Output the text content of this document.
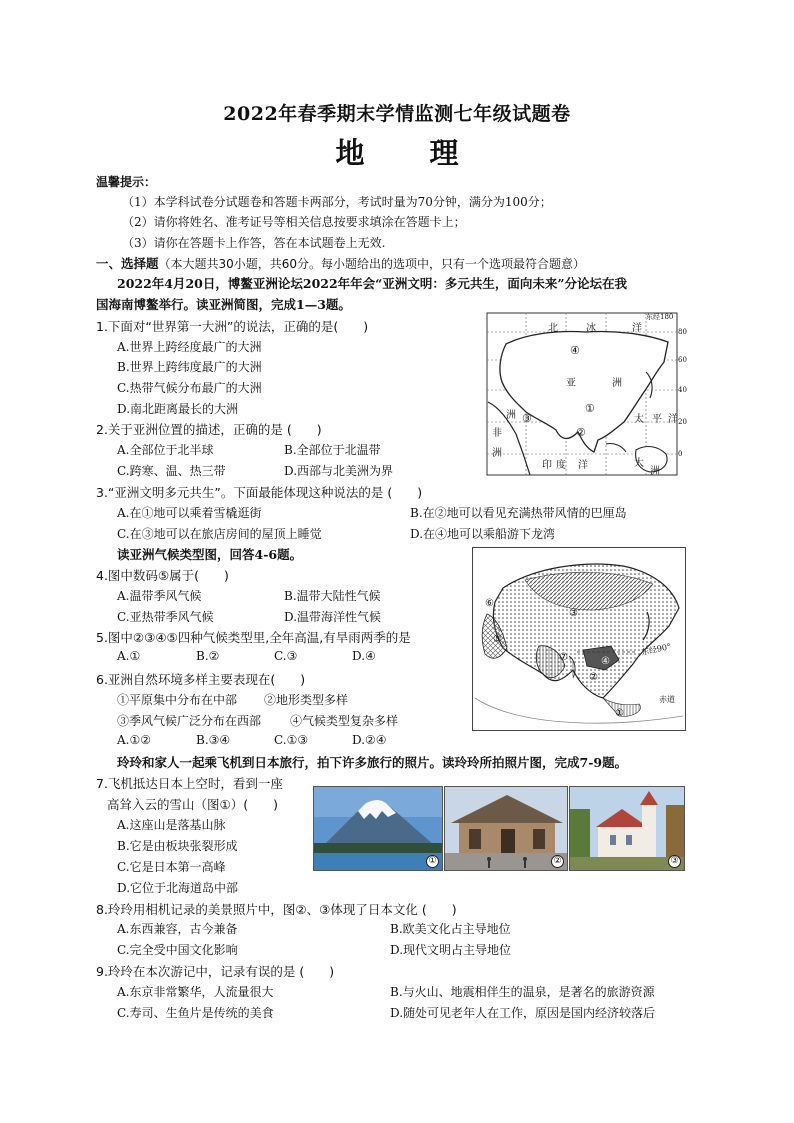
2022年春季期末学情监测七年级试题卷
地　理
温馨提示：
（1）本学科试卷分试题卷和答题卡两部分，考试时量为70分钟，满分为100分；
（2）请你将姓名、准考证号等相关信息按要求填涂在答题卡上；
（3）请你在答题卡上作答，答在本试题卷上无效.
一、选择题（本大题共30小题，共60分。每小题给出的选项中，只有一个选项最符合题意）
2022年4月20日，博鳌亚洲论坛2022年年会“亚洲文明：多元共生，面向未来”分论坛在我
国海南博鳌举行。读亚洲简图，完成1—3题。
1.下面对“世界第一大洲”的说法，正确的是(　　)
A.世界上跨经度最广的大洲
B.世界上跨纬度最广的大洲
C.热带气候分布最广的大洲
D.南北距离最长的大洲
2.关于亚洲位置的描述，正确的是 (　　)
A.全部位于北半球	B.全部位于北温带
C.跨寒、温、热三带	D.西部与北美洲为界
北	冰	洋
东经180
80
60
40
20
0
亚	洲
洲
非
洲
太 平 洋
印 度 洋	大
洲
④
①
②
③
3.“亚洲文明多元共生”。下面最能体现这种说法的是 (　　)
A.在①地可以乘着雪橇逛街	B.在②地可以看见充满热带风情的巴厘岛
C.在③地可以在旅店房间的屋顶上睡觉	D.在④地可以乘船游下龙湾
读亚洲气候类型图，回答4-6题。
⑥
⑤
③
⑦	④
②
①
东经90°
赤道
4.图中数码⑤属于(　　)
A.温带季风气候	B.温带大陆性气候
C.亚热带季风气候	D.温带海洋性气候
5.图中②③④⑤四种气候类型里,全年高温,有旱雨两季的是
A.①	B.②	C.③	D.④
6.亚洲自然环境多样主要表现在(　　)
①平原集中分布在中部 ②地形类型多样
③季风气候广泛分布在西部 ④气候类型复杂多样
A.①②	B.③④	C.①③	D.②④
玲玲和家人一起乘飞机到日本旅行，拍下许多旅行的照片。读玲玲所拍照片图，完成7-9题。
7.飞机抵达日本上空时，看到一座
高耸入云的雪山（图①）(　　)
A.这座山是落基山脉
B.它是由板块张裂形成
C.它是日本第一高峰
D.它位于北海道岛中部
①	②	③
8.玲玲用相机记录的美景照片中，图②、③体现了日本文化 (　　)
A.东西兼容，古今兼备	B.欧美文化占主导地位
C.完全受中国文化影响	D.现代文明占主导地位
9.玲玲在本次游记中，记录有误的是 (　　)
A.东京非常繁华，人流量很大	B.与火山、地震相伴生的温泉，是著名的旅游资源
C.寿司、生鱼片是传统的美食	D.随处可见老年人在工作，原因是国内经济较落后
